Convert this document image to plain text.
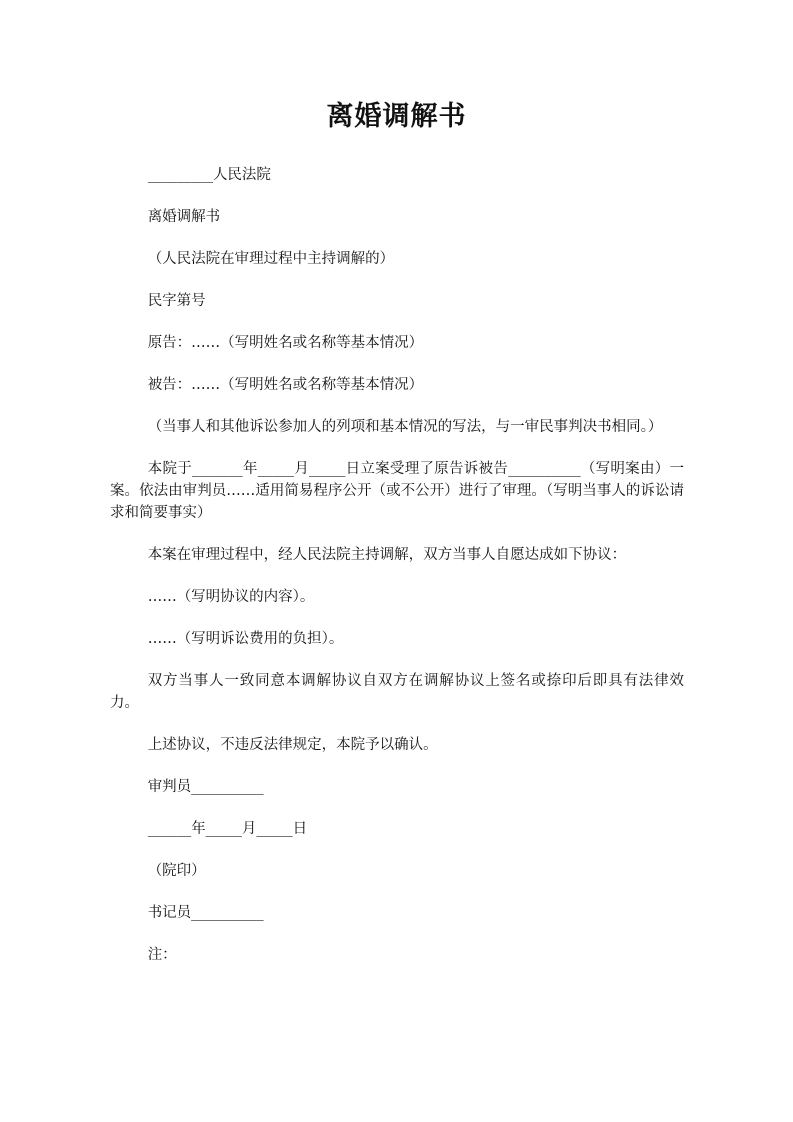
离婚调解书

_________人民法院

离婚调解书

（人民法院在审理过程中主持调解的）

民字第号

原告：……（写明姓名或名称等基本情况）

被告：……（写明姓名或名称等基本情况）

（当事人和其他诉讼参加人的列项和基本情况的写法，与一审民事判决书相同。）

本院于_______年_____月_____日立案受理了原告诉被告__________（写明案由）一案。依法由审判员……适用简易程序公开（或不公开）进行了审理。（写明当事人的诉讼请求和简要事实）

本案在审理过程中，经人民法院主持调解，双方当事人自愿达成如下协议：

……（写明协议的内容）。

……（写明诉讼费用的负担）。

双方当事人一致同意本调解协议自双方在调解协议上签名或捺印后即具有法律效力。

上述协议，不违反法律规定，本院予以确认。

审判员__________

______年_____月_____日

（院印）

书记员__________

注：
